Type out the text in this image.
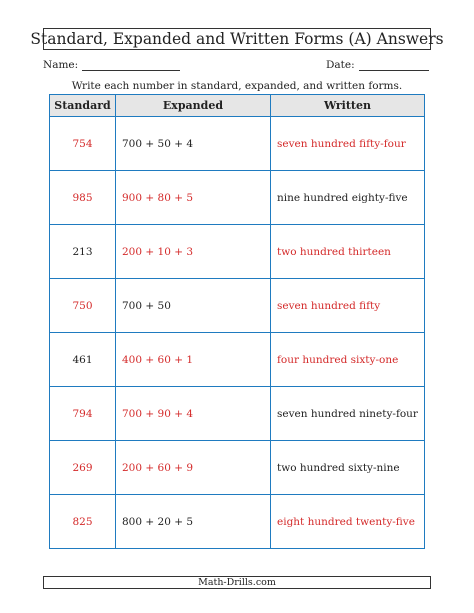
Standard, Expanded and Written Forms (A) Answers
Name:	Date:
Write each number in standard, expanded, and written forms.
Standard	Expanded	Written
754	700 + 50 + 4	seven hundred fifty-four
985	900 + 80 + 5	nine hundred eighty-five
213	200 + 10 + 3	two hundred thirteen
750	700 + 50	seven hundred fifty
461	400 + 60 + 1	four hundred sixty-one
794	700 + 90 + 4	seven hundred ninety-four
269	200 + 60 + 9	two hundred sixty-nine
825	800 + 20 + 5	eight hundred twenty-five
Math-Drills.com
